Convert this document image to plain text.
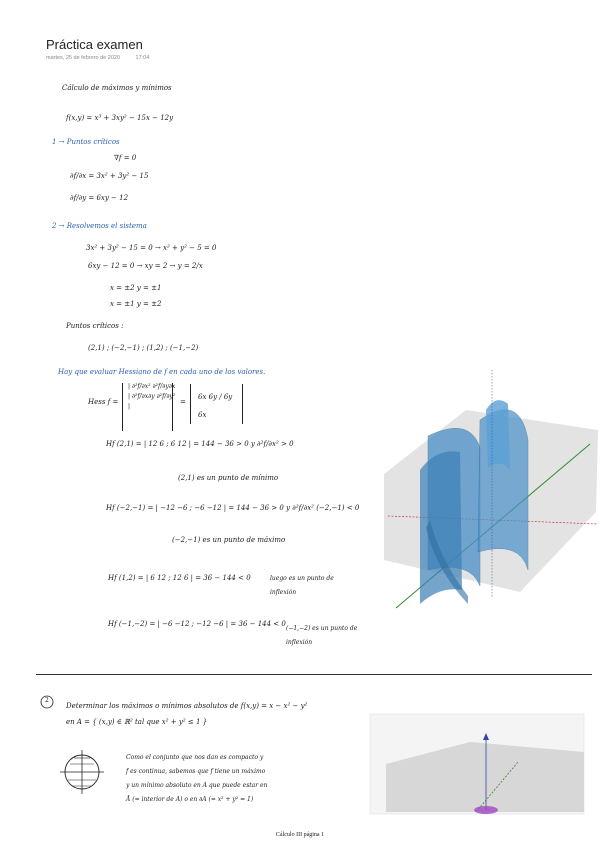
Práctica examen
martes, 25 de febrero de 2020	17:04
Cálculo de máximos y mínimos
f(x,y) = x³ + 3xy² − 15x − 12y
1 → Puntos críticos
∇f = 0
∂f/∂x = 3x² + 3y² − 15
∂f/∂y = 6xy − 12
2 → Resolvemos el sistema
3x² + 3y² − 15 = 0 → x² + y² − 5 = 0
6xy − 12 = 0 → xy = 2 → y = 2/x
x = ±2 y = ±1
x = ±1 y = ±2
Puntos críticos :
(2,1) ; (−2,−1) ; (1,2) ; (−1,−2)
Hay que evaluar Hessiano de f en cada uno de los valores.
Hess f =
| ∂²f/∂x² ∂²f/∂y∂x | ∂²f/∂x∂y ∂²f/∂y² |
=
6x 6y / 6y 6x
Hf (2,1) = | 12 6 ; 6 12 | = 144 − 36 > 0 y ∂²f/∂x² > 0
(2,1) es un punto de mínimo
Hf (−2,−1) = | −12 −6 ; −6 −12 | = 144 − 36 > 0 y ∂²f/∂x² (−2,−1) < 0
(−2,−1) es un punto de máximo
Hf (1,2) = | 6 12 ; 12 6 | = 36 − 144 < 0	luego es un punto de inflexión
Hf (−1,−2) = | −6 −12 ; −12 −6 | = 36 − 144 < 0
(−1,−2) es un punto de inflexión
2
Determinar los máximos o mínimos absolutos de f(x,y) = x − x² − y²
en A = { (x,y) ∈ ℝ² tal que x² + y² ≤ 1 }
Como el conjunto que nos dan es compacto y
f es continua, sabemos que f tiene un máximo
y un mínimo absoluto en A que puede estar en
Å (= interior de A) o en ∂A (= x² + y² = 1)
Cálculo III página 1
